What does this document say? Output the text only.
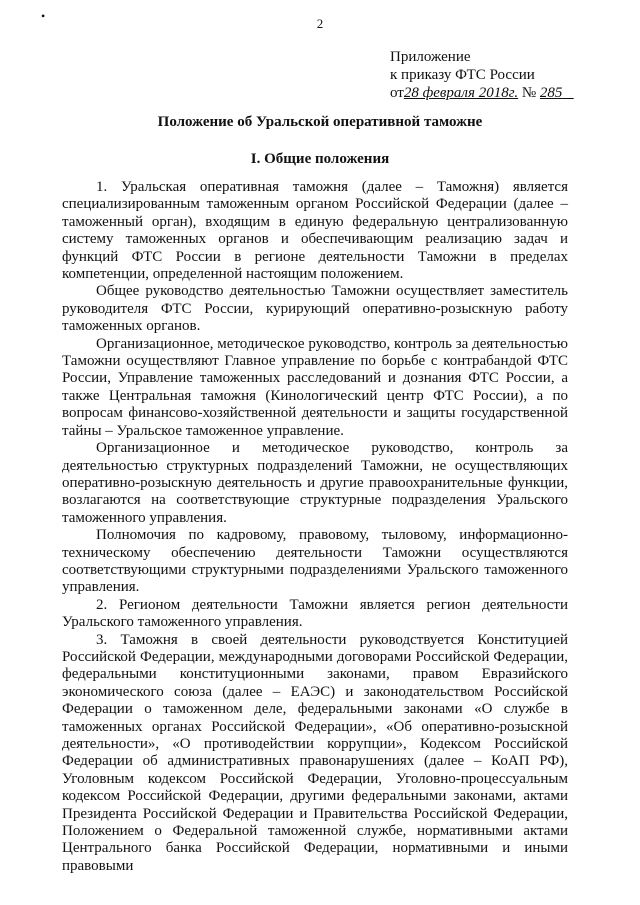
•	2
Приложение
к приказу ФТС России
от28 февраля 2018г. № 285
Положение об Уральской оперативной таможне
I. Общие положения

1. Уральская оперативная таможня (далее – Таможня) является специализированным таможенным органом Российской Федерации (далее – таможенный орган), входящим в единую федеральную централизованную систему таможенных органов и обеспечивающим реализацию задач и функций ФТС России в регионе деятельности Таможни в пределах компетенции, определенной настоящим положением.

Общее руководство деятельностью Таможни осуществляет заместитель руководителя ФТС России, курирующий оперативно-розыскную работу таможенных органов.

Организационное, методическое руководство, контроль за деятельностью Таможни осуществляют Главное управление по борьбе с контрабандой ФТС России, Управление таможенных расследований и дознания ФТС России, а также Центральная таможня (Кинологический центр ФТС России), а по вопросам финансово-хозяйственной деятельности и защиты государственной тайны – Уральское таможенное управление.

Организационное и методическое руководство, контроль за деятельностью структурных подразделений Таможни, не осуществляющих оперативно-розыскную деятельность и другие правоохранительные функции, возлагаются на соответствующие структурные подразделения Уральского таможенного управления.

Полномочия по кадровому, правовому, тыловому, информационно-техническому обеспечению деятельности Таможни осуществляются соответствующими структурными подразделениями Уральского таможенного управления.

2. Регионом деятельности Таможни является регион деятельности Уральского таможенного управления.

3. Таможня в своей деятельности руководствуется Конституцией Российской Федерации, международными договорами Российской Федерации, федеральными конституционными законами, правом Евразийского экономического союза (далее – ЕАЭС) и законодательством Российской Федерации о таможенном деле, федеральными законами «О службе в таможенных органах Российской Федерации», «Об оперативно-розыскной деятельности», «О противодействии коррупции», Кодексом Российской Федерации об административных правонарушениях (далее – КоАП РФ), Уголовным кодексом Российской Федерации, Уголовно-процессуальным кодексом Российской Федерации, другими федеральными законами, актами Президента Российской Федерации и Правительства Российской Федерации, Положением о Федеральной таможенной службе, нормативными актами Центрального банка Российской Федерации, нормативными и иными правовыми
